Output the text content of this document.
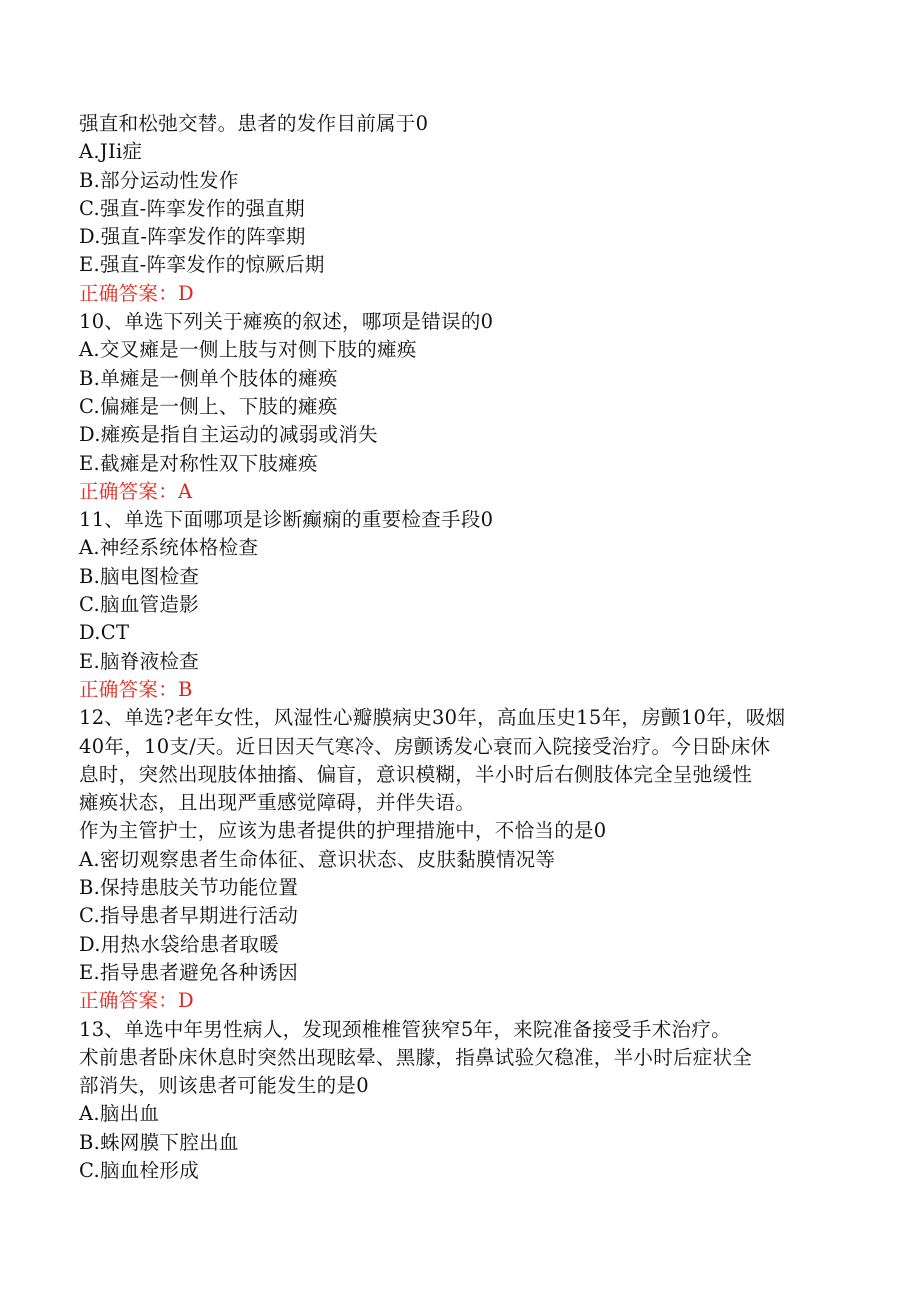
强直和松弛交替。患者的发作目前属于0
A.JIi症
B.部分运动性发作
C.强直-阵挛发作的强直期
D.强直-阵挛发作的阵挛期
E.强直-阵挛发作的惊厥后期
正确答案：D
10、单选下列关于瘫痪的叙述，哪项是错误的0
A.交叉瘫是一侧上肢与对侧下肢的瘫痪
B.单瘫是一侧单个肢体的瘫痪
C.偏瘫是一侧上、下肢的瘫痪
D.瘫痪是指自主运动的减弱或消失
E.截瘫是对称性双下肢瘫痪
正确答案：A
11、单选下面哪项是诊断癫痫的重要检查手段0
A.神经系统体格检查
B.脑电图检查
C.脑血管造影
D.CT
E.脑脊液检查
正确答案：B
12、单选?老年女性，风湿性心瓣膜病史30年，高血压史15年，房颤10年，吸烟
40年，10支/天。近日因天气寒冷、房颤诱发心衰而入院接受治疗。今日卧床休
息时，突然出现肢体抽搐、偏盲，意识模糊，半小时后右侧肢体完全呈弛缓性
瘫痪状态，且出现严重感觉障碍，并伴失语。
作为主管护士，应该为患者提供的护理措施中，不恰当的是0
A.密切观察患者生命体征、意识状态、皮肤黏膜情况等
B.保持患肢关节功能位置
C.指导患者早期进行活动
D.用热水袋给患者取暖
E.指导患者避免各种诱因
正确答案：D
13、单选中年男性病人，发现颈椎椎管狭窄5年，来院准备接受手术治疗。
术前患者卧床休息时突然出现眩晕、黑朦，指鼻试验欠稳准，半小时后症状全
部消失，则该患者可能发生的是0
A.脑出血
B.蛛网膜下腔出血
C.脑血栓形成
